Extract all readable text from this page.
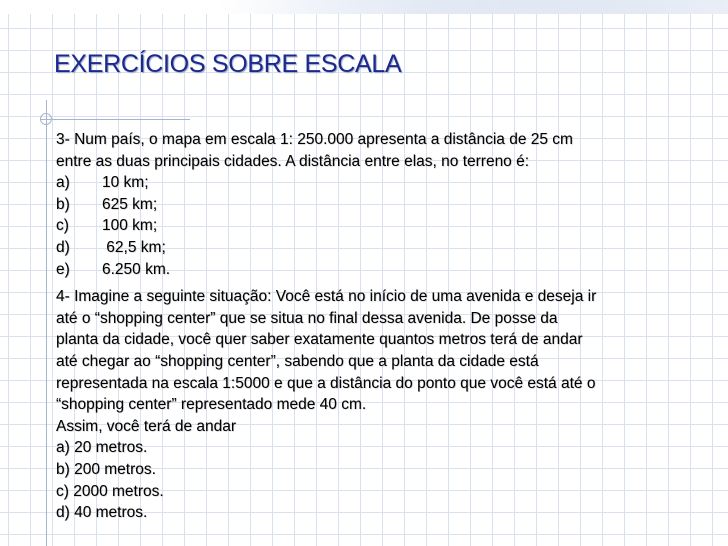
EXERCÍCIOS SOBRE ESCALA
3- Num país, o mapa em escala 1: 250.000 apresenta a distância de 25 cm
entre as duas principais cidades. A distância entre elas, no terreno é:
a)	10 km;
b)	625 km;
c)	100 km;
d)	62,5 km;
e)	6.250 km.
4- Imagine a seguinte situação: Você está no início de uma avenida e deseja ir
até o “shopping center” que se situa no final dessa avenida. De posse da
planta da cidade, você quer saber exatamente quantos metros terá de andar
até chegar ao “shopping center”, sabendo que a planta da cidade está
representada na escala 1:5000 e que a distância do ponto que você está até o
“shopping center” representado mede 40 cm.
Assim, você terá de andar
a) 20 metros.
b) 200 metros.
c) 2000 metros.
d) 40 metros.
